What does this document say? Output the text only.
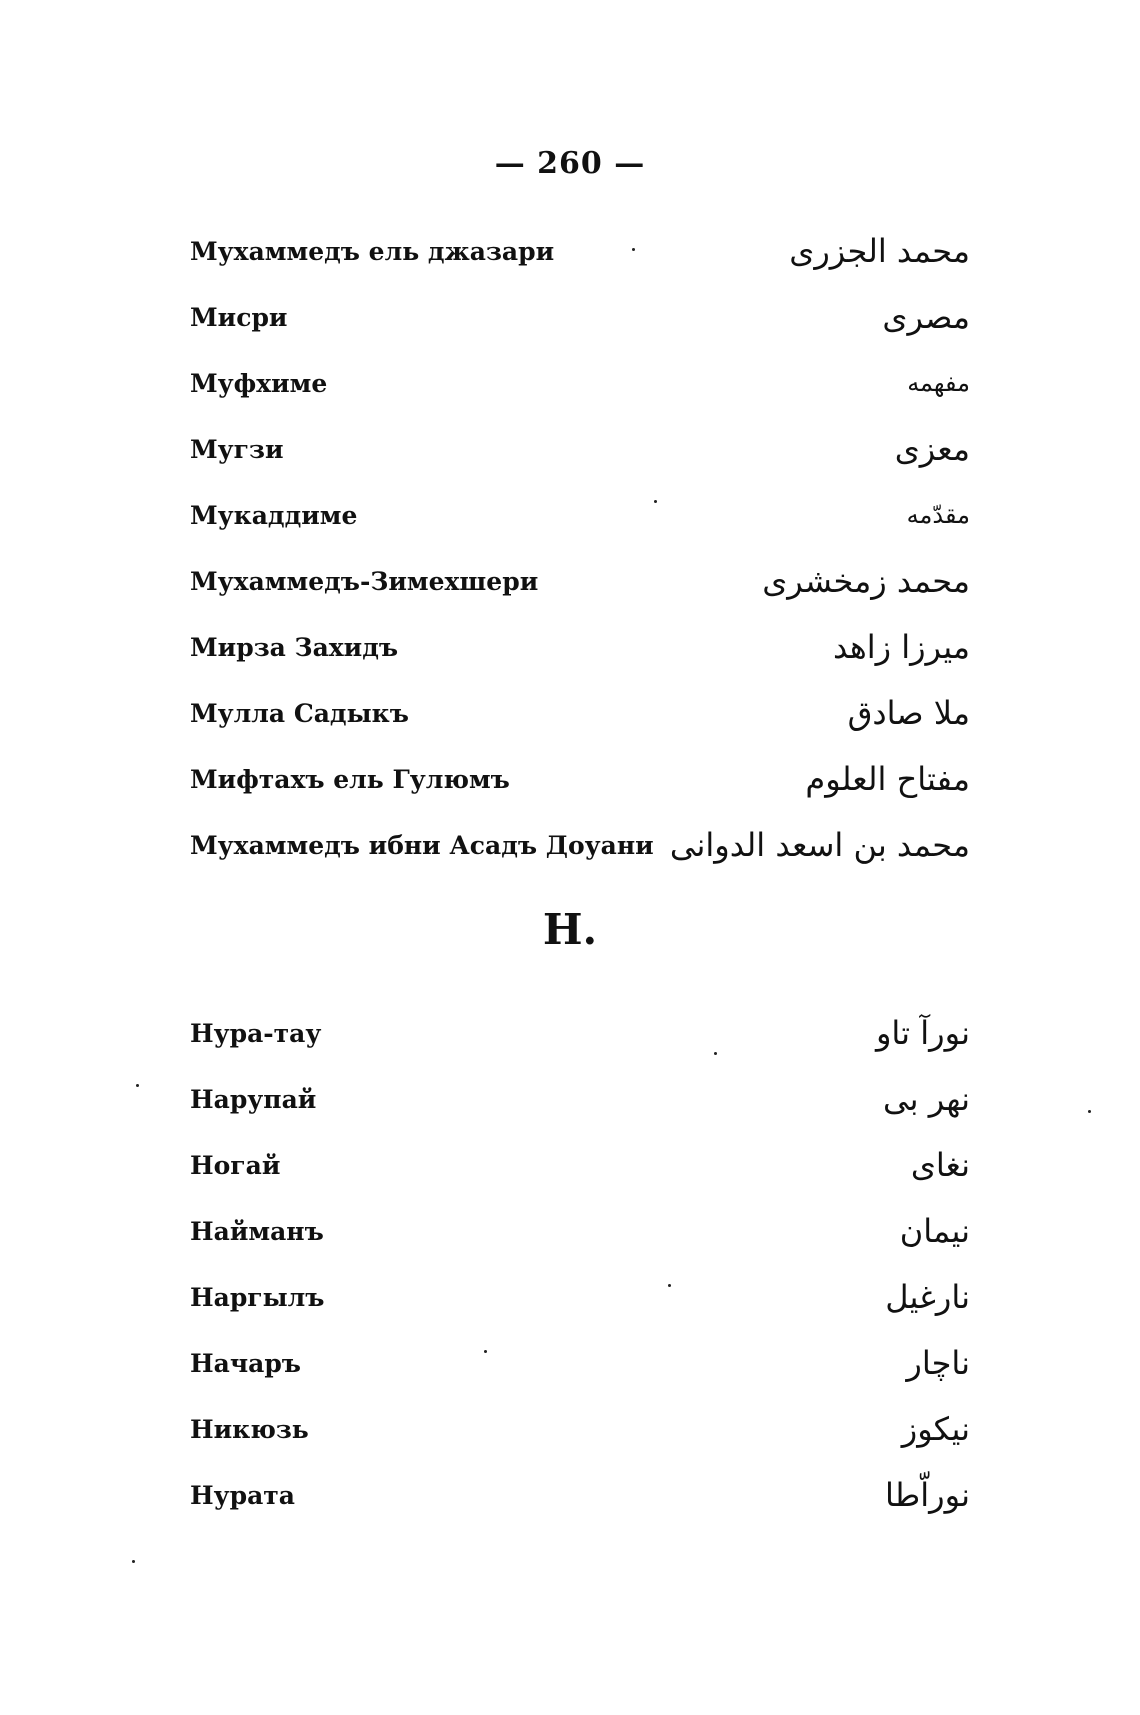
— 260 —
Мухаммедъ ель джазари	محمد الجزری
Мисри	مصری
Муфхиме	مفهمه
Мугзи	معزی
Мукаддиме	مقدّمه
Мухаммедъ-Зимехшери	محمد زمخشری
Мирза Захидъ	میرزا زاهد
Мулла Садыкъ	ملا صادق
Мифтахъ ель Гулюмъ	مفتاح العلوم
Мухаммедъ ибни Асадъ Доуани محمد بن اسعد الدوانی
Н.
Нура-тау	نورآ تاو
Нарупай	نهر بی
Ногай	نغای
Найманъ	نیمان
Наргылъ	نارغیل
Начаръ	ناچار
Никюзь	نیکوز
Нурата	نوراّطا
